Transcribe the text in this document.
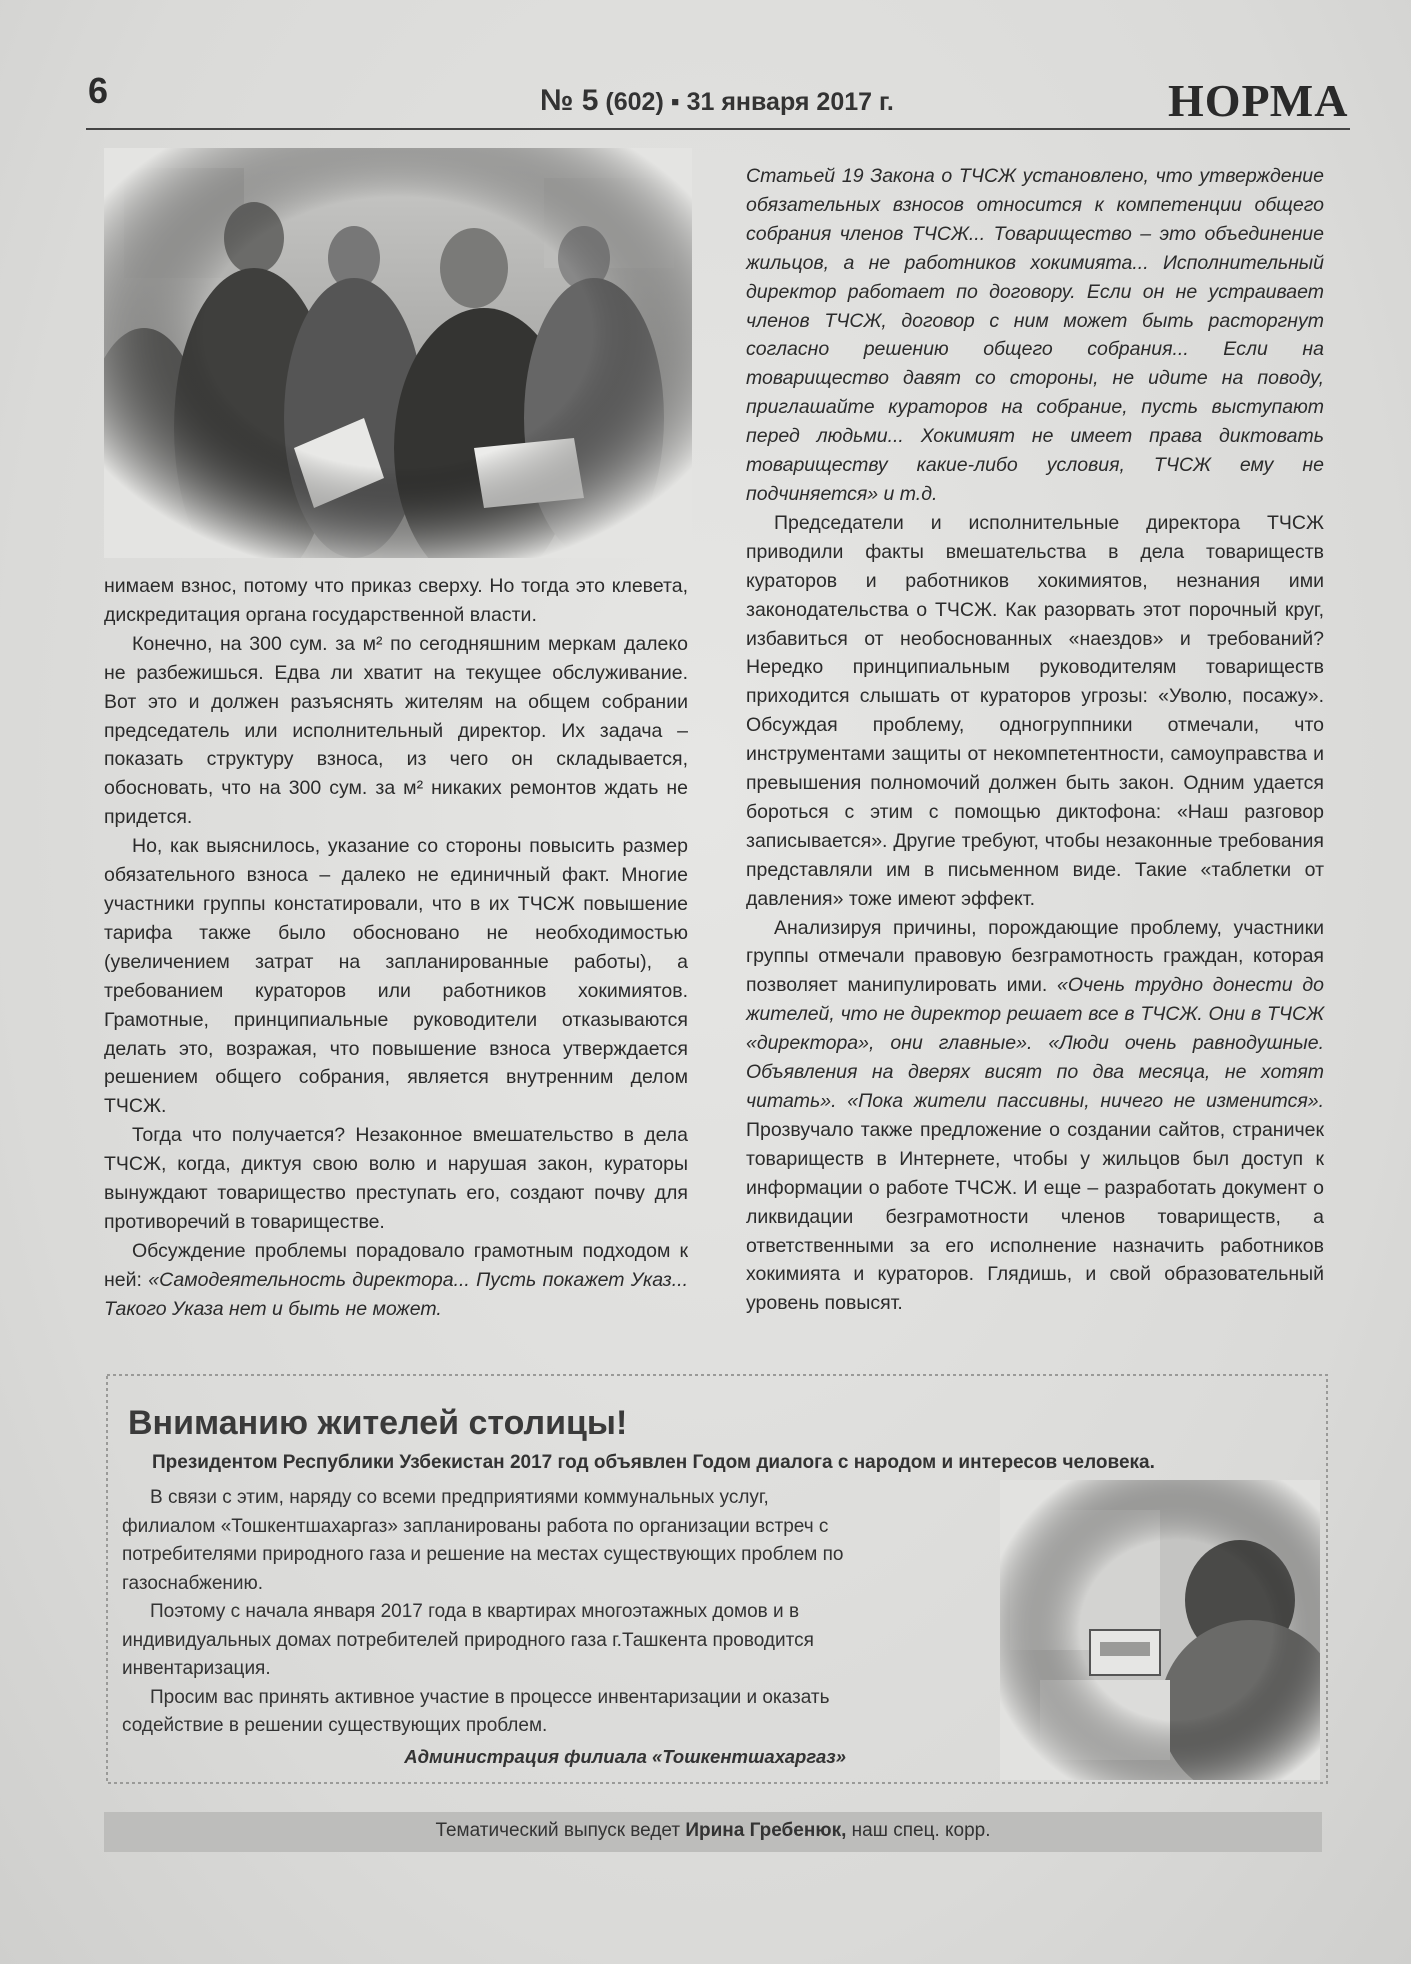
6	№ 5 (602) ▪ 31 января 2017 г.	НОРМА

нимаем взнос, потому что приказ сверху. Но тогда это клевета, дискредитация органа государственной власти.

Конечно, на 300 сум. за м² по сегодняшним меркам далеко не разбежишься. Едва ли хватит на текущее обслуживание. Вот это и должен разъяснять жителям на общем собрании председатель или исполнительный директор. Их задача – показать структуру взноса, из чего он складывается, обосновать, что на 300 сум. за м² никаких ремонтов ждать не придется.

Но, как выяснилось, указание со стороны повысить размер обязательного взноса – далеко не единичный факт. Многие участники группы констатировали, что в их ТЧСЖ повышение тарифа также было обосновано не необходимостью (увеличением затрат на запланированные работы), а требованием кураторов или работников хокимиятов. Грамотные, принципиальные руководители отказываются делать это, возражая, что повышение взноса утверждается решением общего собрания, является внутренним делом ТЧСЖ.

Тогда что получается? Незаконное вмешательство в дела ТЧСЖ, когда, диктуя свою волю и нарушая закон, кураторы вынуждают товарищество преступать его, создают почву для противоречий в товариществе.

Обсуждение проблемы порадовало грамотным подходом к ней: «Самодеятельность директора... Пусть покажет Указ... Такого Указа нет и быть не может.

Статьей 19 Закона о ТЧСЖ установлено, что утверждение обязательных взносов относится к компетенции общего собрания членов ТЧСЖ... Товарищество – это объединение жильцов, а не работников хокимията... Исполнительный директор работает по договору. Если он не устраивает членов ТЧСЖ, договор с ним может быть расторгнут согласно решению общего собрания... Если на товарищество давят со стороны, не идите на поводу, приглашайте кураторов на собрание, пусть выступают перед людьми... Хокимият не имеет права диктовать товариществу какие-либо условия, ТЧСЖ ему не подчиняется» и т.д.

Председатели и исполнительные директора ТЧСЖ приводили факты вмешательства в дела товариществ кураторов и работников хокимиятов, незнания ими законодательства о ТЧСЖ. Как разорвать этот порочный круг, избавиться от необоснованных «наездов» и требований? Нередко принципиальным руководителям товариществ приходится слышать от кураторов угрозы: «Уволю, посажу». Обсуждая проблему, одногруппники отмечали, что инструментами защиты от некомпетентности, самоуправства и превышения полномочий должен быть закон. Одним удается бороться с этим с помощью диктофона: «Наш разговор записывается». Другие требуют, чтобы незаконные требования представляли им в письменном виде. Такие «таблетки от давления» тоже имеют эффект.

Анализируя причины, порождающие проблему, участники группы отмечали правовую безграмотность граждан, которая позволяет манипулировать ими. «Очень трудно донести до жителей, что не директор решает все в ТЧСЖ. Они в ТЧСЖ «директора», они главные». «Люди очень равнодушные. Объявления на дверях висят по два месяца, не хотят читать». «Пока жители пассивны, ничего не изменится». Прозвучало также предложение о создании сайтов, страничек товариществ в Интернете, чтобы у жильцов был доступ к информации о работе ТЧСЖ. И еще – разработать документ о ликвидации безграмотности членов товариществ, а ответственными за его исполнение назначить работников хокимията и кураторов. Глядишь, и свой образовательный уровень повысят.

Вниманию жителей столицы!
Президентом Республики Узбекистан 2017 год объявлен Годом диалога с народом и интересов человека.

В связи с этим, наряду со всеми предприятиями коммунальных услуг, филиалом «Тошкентшахаргаз» запланированы работа по организации встреч с потребителями природного газа и решение на местах существующих проблем по газоснабжению.

Поэтому с начала января 2017 года в квартирах многоэтажных домов и в индивидуальных домах потребителей природного газа г.Ташкента проводится инвентаризация.

Просим вас принять активное участие в процессе инвентаризации и оказать содействие в решении существующих проблем.

Администрация филиала «Тошкентшахаргаз»
Тематический выпуск ведет Ирина Гребенюк, наш спец. корр.
